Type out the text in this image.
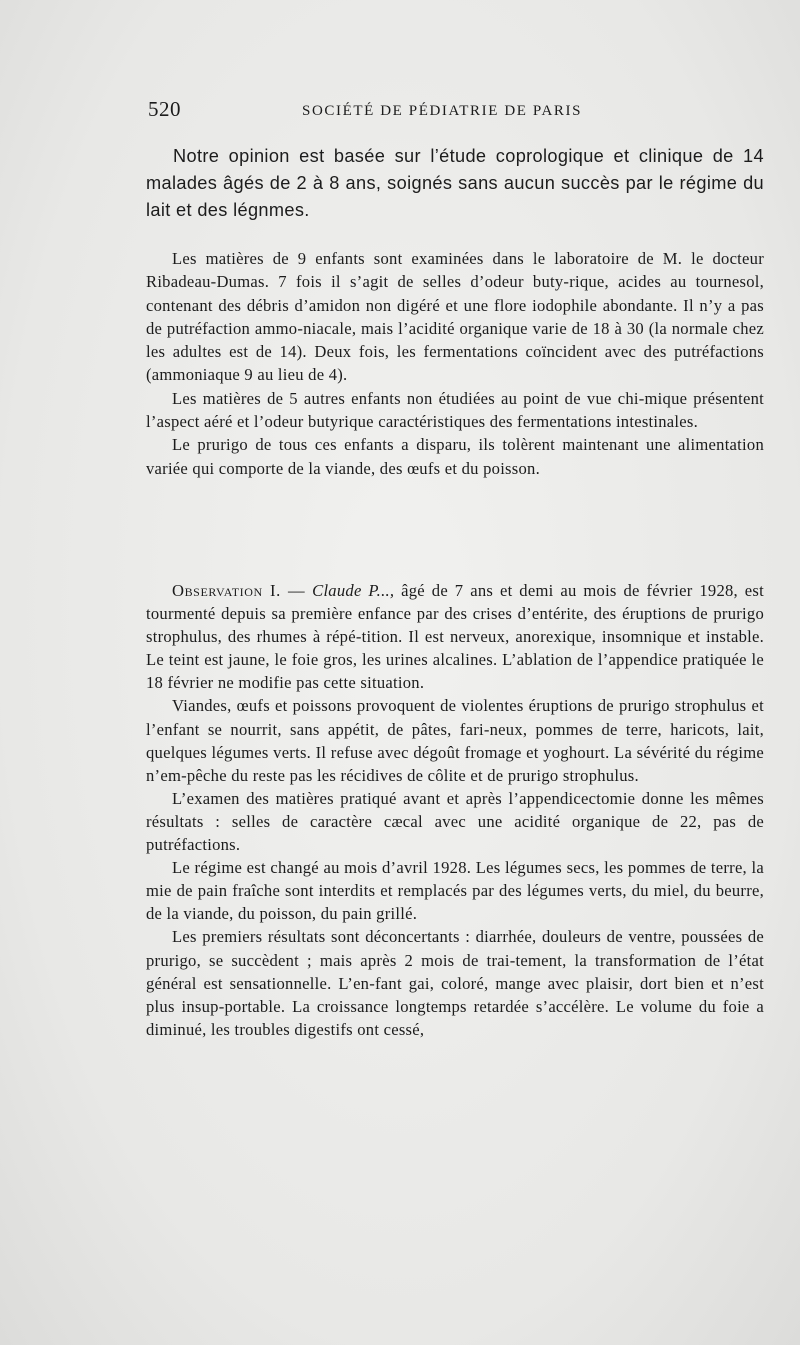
520	SOCIÉTÉ DE PÉDIATRIE DE PARIS

Notre opinion est basée sur l’étude coprologique et clinique de 14 malades âgés de 2 à 8 ans, soignés sans aucun succès par le régime du lait et des légnmes.

Les matières de 9 enfants sont examinées dans le laboratoire de M. le docteur Ribadeau-Dumas. 7 fois il s’agit de selles d’odeur buty-rique, acides au tournesol, contenant des débris d’amidon non digéré et une flore iodophile abondante. Il n’y a pas de putréfaction ammo-niacale, mais l’acidité organique varie de 18 à 30 (la normale chez les adultes est de 14). Deux fois, les fermentations coïncident avec des putréfactions (ammoniaque 9 au lieu de 4).

Les matières de 5 autres enfants non étudiées au point de vue chi-mique présentent l’aspect aéré et l’odeur butyrique caractéristiques des fermentations intestinales.

Le prurigo de tous ces enfants a disparu, ils tolèrent maintenant une alimentation variée qui comporte de la viande, des œufs et du poisson.

Observation I. — Claude P..., âgé de 7 ans et demi au mois de février 1928, est tourmenté depuis sa première enfance par des crises d’entérite, des éruptions de prurigo strophulus, des rhumes à répé-tition. Il est nerveux, anorexique, insomnique et instable. Le teint est jaune, le foie gros, les urines alcalines. L’ablation de l’appendice pratiquée le 18 février ne modifie pas cette situation.

Viandes, œufs et poissons provoquent de violentes éruptions de prurigo strophulus et l’enfant se nourrit, sans appétit, de pâtes, fari-neux, pommes de terre, haricots, lait, quelques légumes verts. Il refuse avec dégoût fromage et yoghourt. La sévérité du régime n’em-pêche du reste pas les récidives de côlite et de prurigo strophulus.

L’examen des matières pratiqué avant et après l’appendicectomie donne les mêmes résultats : selles de caractère cæcal avec une acidité organique de 22, pas de putréfactions.

Le régime est changé au mois d’avril 1928. Les légumes secs, les pommes de terre, la mie de pain fraîche sont interdits et remplacés par des légumes verts, du miel, du beurre, de la viande, du poisson, du pain grillé.

Les premiers résultats sont déconcertants : diarrhée, douleurs de ventre, poussées de prurigo, se succèdent ; mais après 2 mois de trai-tement, la transformation de l’état général est sensationnelle. L’en-fant gai, coloré, mange avec plaisir, dort bien et n’est plus insup-portable. La croissance longtemps retardée s’accélère. Le volume du foie a diminué, les troubles digestifs ont cessé,
